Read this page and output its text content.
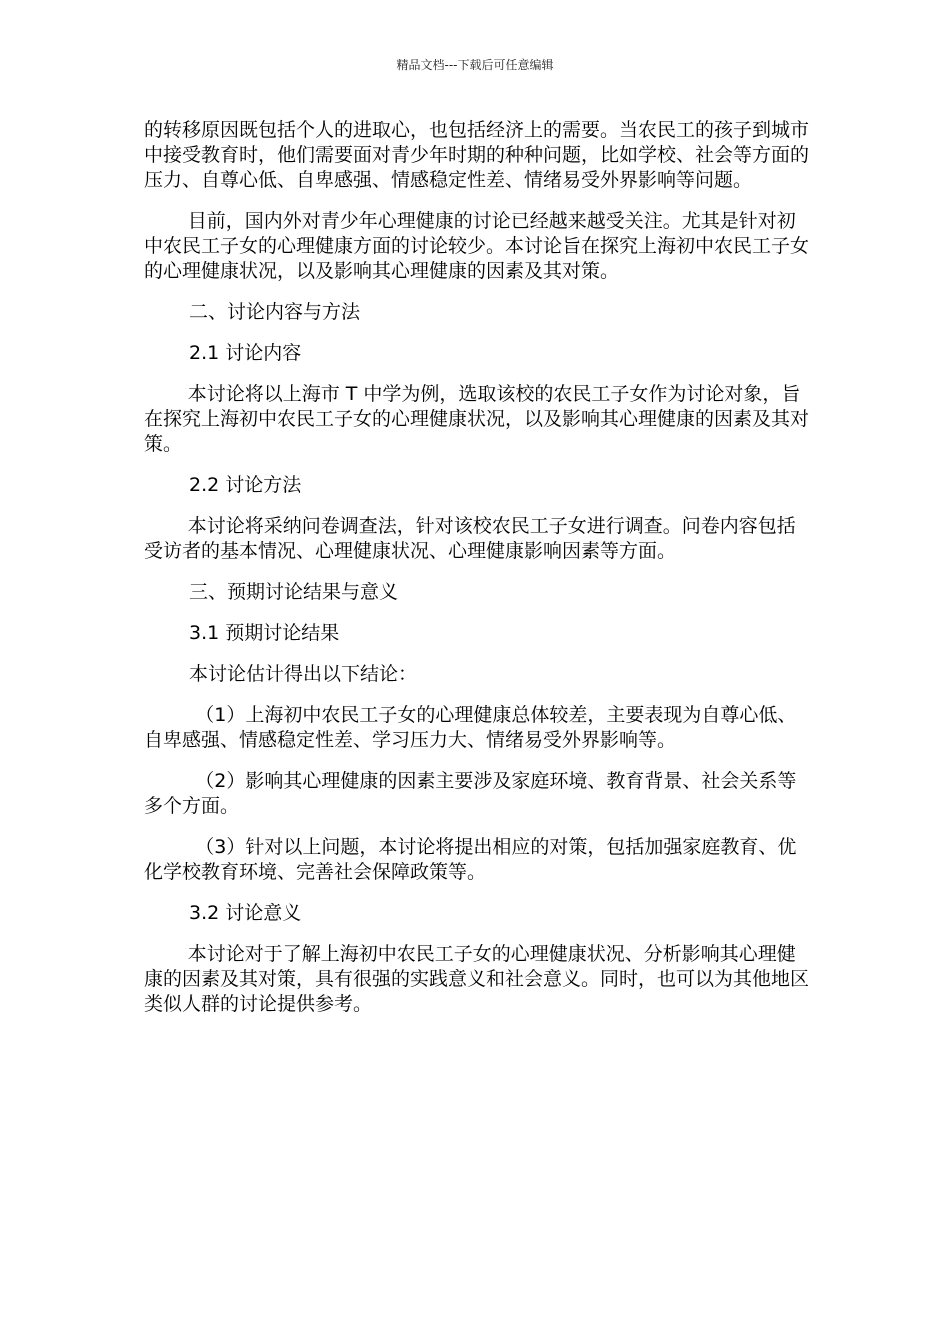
精品文档---下载后可任意编辑

的转移原因既包括个人的进取心，也包括经济上的需要。当农民工的孩子到城市中接受教育时，他们需要面对青少年时期的种种问题，比如学校、社会等方面的压力、自尊心低、自卑感强、情感稳定性差、情绪易受外界影响等问题。

目前，国内外对青少年心理健康的讨论已经越来越受关注。尤其是针对初中农民工子女的心理健康方面的讨论较少。本讨论旨在探究上海初中农民工子女的心理健康状况，以及影响其心理健康的因素及其对策。

二、讨论内容与方法

2.1 讨论内容

本讨论将以上海市 T 中学为例，选取该校的农民工子女作为讨论对象，旨在探究上海初中农民工子女的心理健康状况，以及影响其心理健康的因素及其对策。

2.2 讨论方法

本讨论将采纳问卷调查法，针对该校农民工子女进行调查。问卷内容包括受访者的基本情况、心理健康状况、心理健康影响因素等方面。

三、预期讨论结果与意义

3.1 预期讨论结果

本讨论估计得出以下结论：

（1）上海初中农民工子女的心理健康总体较差，主要表现为自尊心低、自卑感强、情感稳定性差、学习压力大、情绪易受外界影响等。

（2）影响其心理健康的因素主要涉及家庭环境、教育背景、社会关系等多个方面。

（3）针对以上问题，本讨论将提出相应的对策，包括加强家庭教育、优化学校教育环境、完善社会保障政策等。

3.2 讨论意义

本讨论对于了解上海初中农民工子女的心理健康状况、分析影响其心理健康的因素及其对策，具有很强的实践意义和社会意义。同时，也可以为其他地区类似人群的讨论提供参考。
